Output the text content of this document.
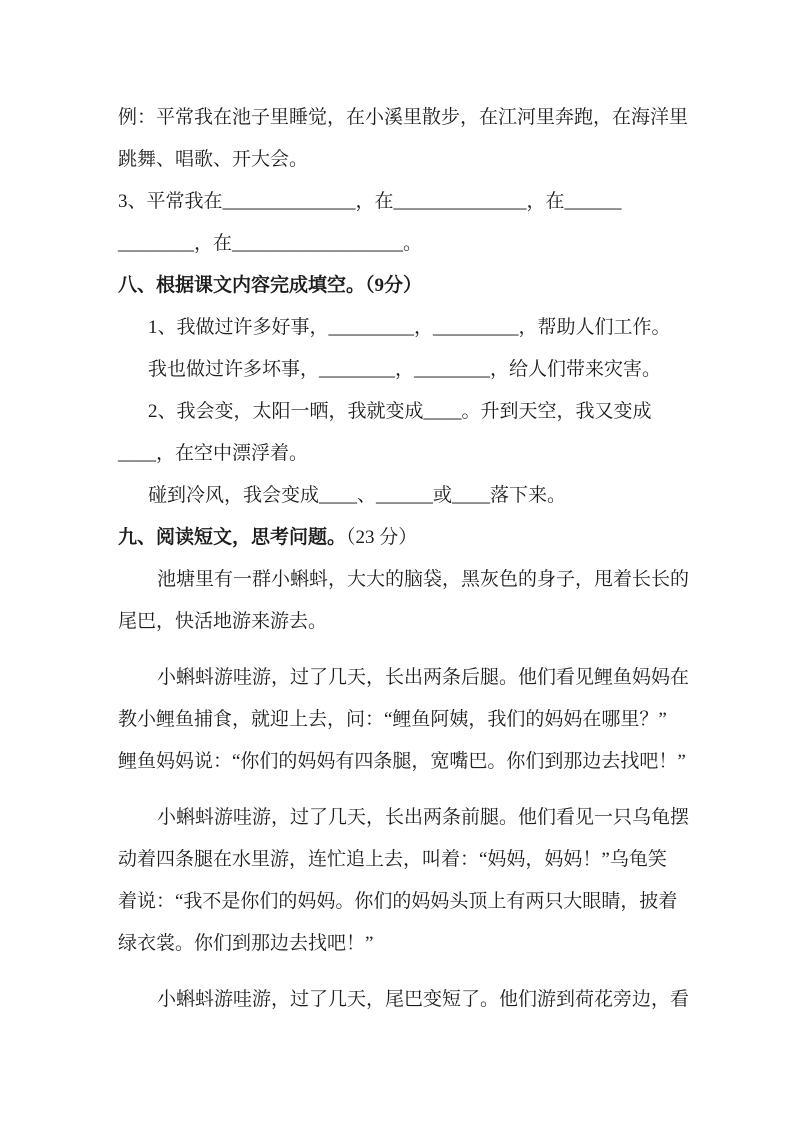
例：平常我在池子里睡觉，在小溪里散步，在江河里奔跑，在海洋里
跳舞、唱歌、开大会。
3、平常我在______________，在______________，在______
________，在__________________。
八、根据课文内容完成填空。（9分）
1、我做过许多好事，_________，_________，帮助人们工作。
我也做过许多坏事，________，________，给人们带来灾害。
2、我会变，太阳一晒，我就变成____。升到天空，我又变成
____，在空中漂浮着。
碰到冷风，我会变成____、______或____落下来。
九、阅读短文，思考问题。（23 分）
池塘里有一群小蝌蚪，大大的脑袋，黑灰色的身子，甩着长长的
尾巴，快活地游来游去。
小蝌蚪游哇游，过了几天，长出两条后腿。他们看见鲤鱼妈妈在
教小鲤鱼捕食，就迎上去，问：“鲤鱼阿姨，我们的妈妈在哪里？”
鲤鱼妈妈说：“你们的妈妈有四条腿，宽嘴巴。你们到那边去找吧！”
小蝌蚪游哇游，过了几天，长出两条前腿。他们看见一只乌龟摆
动着四条腿在水里游，连忙追上去，叫着：“妈妈，妈妈！”乌龟笑
着说：“我不是你们的妈妈。你们的妈妈头顶上有两只大眼睛，披着
绿衣裳。你们到那边去找吧！”
小蝌蚪游哇游，过了几天，尾巴变短了。他们游到荷花旁边，看
